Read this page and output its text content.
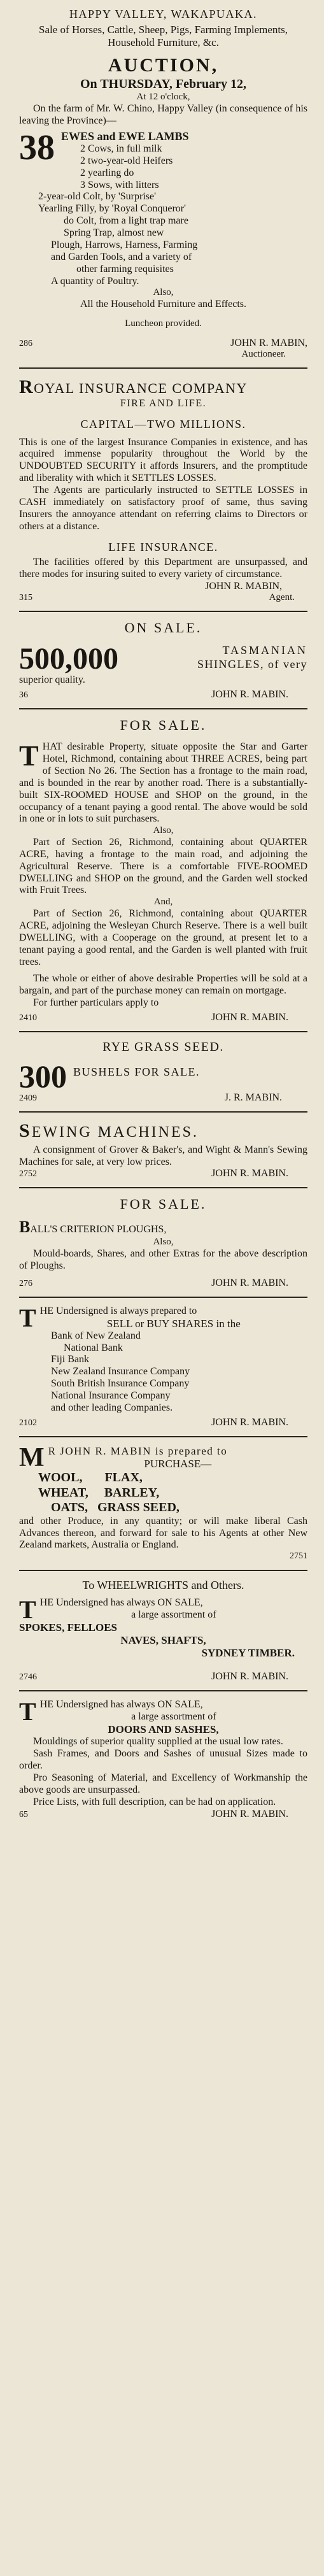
HAPPY VALLEY, WAKAPUAKA.
Sale of Horses, Cattle, Sheep, Pigs, Farming Implements, Household Furniture, &c.
AUCTION,
On THURSDAY, February 12,
At 12 o'clock,
On the farm of Mr. W. Chino, Happy Valley (in consequence of his leaving the Province)—
38 EWES and EWE LAMBS
2 Cows, in full milk
2 two-year-old Heifers
2 yearling do
3 Sows, with litters
2-year-old Colt, by 'Surprise'
Yearling Filly, by 'Royal Conqueror'
do Colt, from a light trap mare
Spring Trap, almost new
Plough, Harrows, Harness, Farming
and Garden Tools, and a variety of
other farming requisites
A quantity of Poultry.
Also,
All the Household Furniture and Effects.
Luncheon provided.
286	JOHN R. MABIN,
Auctioneer.
ROYAL INSURANCE COMPANY
FIRE AND LIFE.
CAPITAL—TWO MILLIONS.
This is one of the largest Insurance Companies in existence, and has acquired immense popularity throughout the World by the UNDOUBTED SECURITY it affords Insurers, and the promptitude and liberality with which it SETTLES LOSSES.
The Agents are particularly instructed to SETTLE LOSSES in CASH immediately on satisfactory proof of same, thus saving Insurers the annoyance attendant on referring claims to Directors or others at a distance.
LIFE INSURANCE.
The facilities offered by this Department are unsurpassed, and there modes for insuring suited to every variety of circumstance.
JOHN R. MABIN,
315	Agent.
ON SALE.
500,000	TASMANIAN
SHINGLES, of very
superior quality.
36	JOHN R. MABIN.
FOR SALE.
THAT desirable Property, situate opposite the Star and Garter Hotel, Richmond, containing about THREE ACRES, being part of Section No 26. The Section has a frontage to the main road, and is bounded in the rear by another road. There is a substantially-built SIX-ROOMED HOUSE and SHOP on the ground, in the occupancy of a tenant paying a good rental. The above would be sold in one or in lots to suit purchasers.
Also,
Part of Section 26, Richmond, containing about QUARTER ACRE, having a frontage to the main road, and adjoining the Agricultural Reserve. There is a comfortable FIVE-ROOMED DWELLING and SHOP on the ground, and the Garden well stocked with Fruit Trees.
And,
Part of Section 26, Richmond, containing about QUARTER ACRE, adjoining the Wesleyan Church Reserve. There is a well built DWELLING, with a Cooperage on the ground, at present let to a tenant paying a good rental, and the Garden is well planted with fruit trees.
The whole or either of above desirable Properties will be sold at a bargain, and part of the purchase money can remain on mortgage.
For further particulars apply to
2410	JOHN R. MABIN.
RYE GRASS SEED.
300 BUSHELS FOR SALE.
2409	J. R. MABIN.
SEWING MACHINES.
A consignment of Grover & Baker's, and Wight & Mann's Sewing Machines for sale, at very low prices.
2752	JOHN R. MABIN.
FOR SALE.
BALL'S CRITERION PLOUGHS,
Also,
Mould-boards, Shares, and other Extras for the above description of Ploughs.
276	JOHN R. MABIN.
T HE Undersigned is always prepared to
SELL or BUY SHARES in the
Bank of New Zealand
National Bank
Fiji Bank
New Zealand Insurance Company
South British Insurance Company
National Insurance Company
and other leading Companies.
2102	JOHN R. MABIN.
M R JOHN R. MABIN is prepared to
PURCHASE—
WOOL,       FLAX,
WHEAT,     BARLEY,
OATS,   GRASS SEED,
and other Produce, in any quantity; or will make liberal Cash Advances thereon, and forward for sale to his Agents at other New Zealand markets, Australia or England.
2751
To WHEELWRIGHTS and Others.
T HE Undersigned has always ON SALE,
a large assortment of
SPOKES, FELLOES
NAVES, SHAFTS,
SYDNEY TIMBER.
2746	JOHN R. MABIN.
T HE Undersigned has always ON SALE,
a large assortment of
DOORS AND SASHES,
Mouldings of superior quality supplied at the usual low rates.
Sash Frames, and Doors and Sashes of unusual Sizes made to order.
Pro Seasoning of Material, and Excellency of Workmanship the above goods are unsurpassed.
Price Lists, with full description, can be had on application.
65	JOHN R. MABIN.
